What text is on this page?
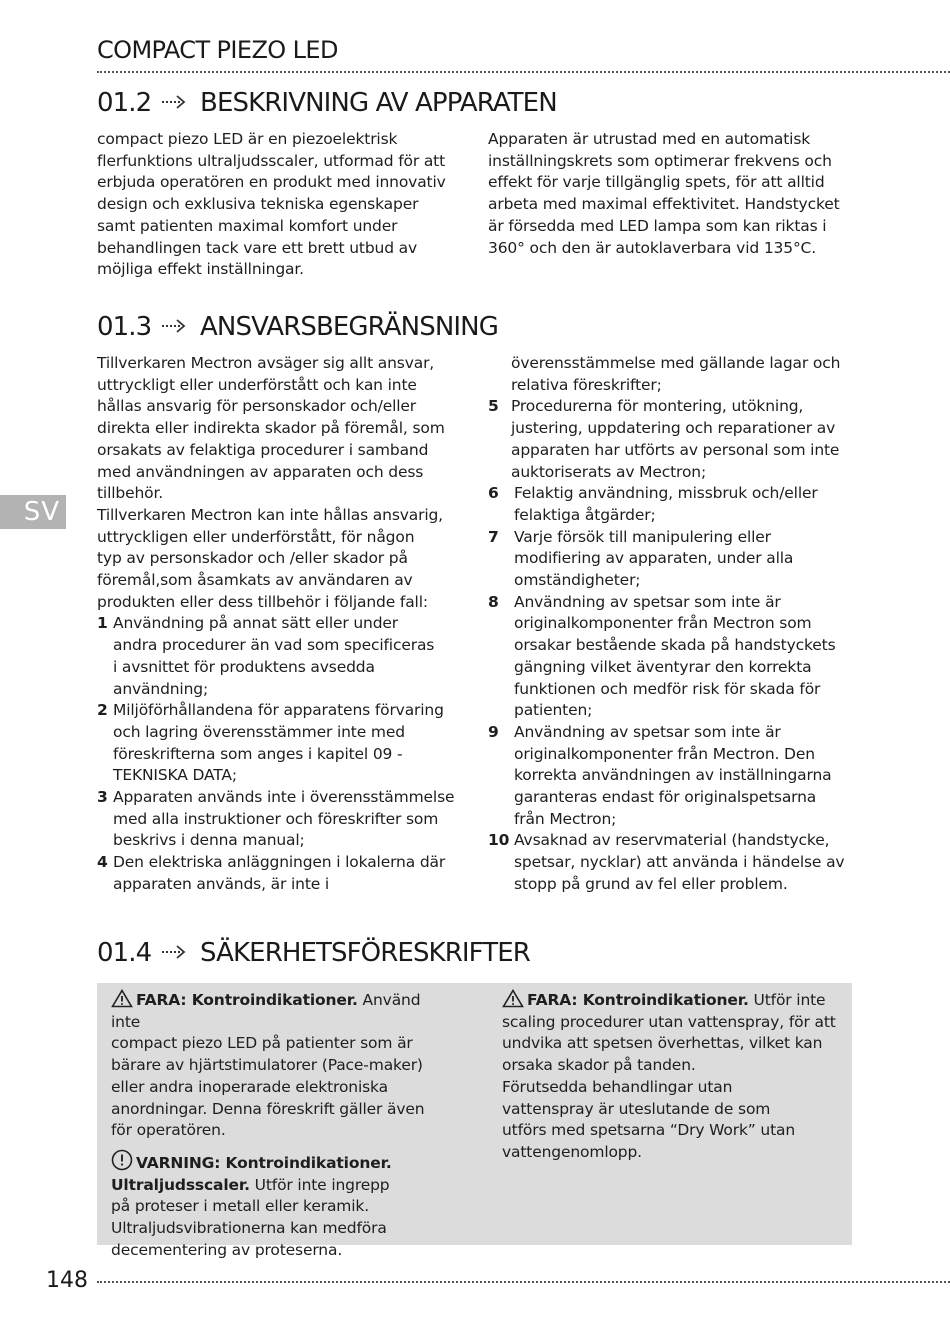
COMPACT PIEZO LED
SV
01.2 BESKRIVNING AV APPARATEN

compact piezo LED är en piezoelektrisk

flerfunktions ultraljudsscaler, utformad för att

erbjuda operatören en produkt med innovativ

design och exklusiva tekniska egenskaper

samt patienten maximal komfort under

behandlingen tack vare ett brett utbud av

möjliga effekt inställningar.

Apparaten är utrustad med en automatisk

inställningskrets som optimerar frekvens och

effekt för varje tillgänglig spets, för att alltid

arbeta med maximal effektivitet. Handstycket

är försedda med LED lampa som kan riktas i

360° och den är autoklaverbara vid 135°C.

01.3 ANSVARSBEGRÄNSNING

Tillverkaren Mectron avsäger sig allt ansvar,

uttryckligt eller underförstått och kan inte

hållas ansvarig för personskador och/eller

direkta eller indirekta skador på föremål, som

orsakats av felaktiga procedurer i samband

med användningen av apparaten och dess

tillbehör.

Tillverkaren Mectron kan inte hållas ansvarig,

uttryckligen eller underförstått, för någon

typ av personskador och /eller skador på

föremål,som åsamkats av användaren av

produkten eller dess tillbehör i följande fall:

1 Användning på annat sätt eller under

andra procedurer än vad som specificeras

i avsnittet för produktens avsedda

användning;

2 Miljöförhållandena för apparatens förvaring

och lagring överensstämmer inte med

föreskrifterna som anges i kapitel 09 -

TEKNISKA DATA;

3 Apparaten används inte i överensstämmelse

med alla instruktioner och föreskrifter som

beskrivs i denna manual;

4 Den elektriska anläggningen i lokalerna där

apparaten används, är inte i

överensstämmelse med gällande lagar och

relativa föreskrifter;

5 Procedurerna för montering, utökning,

justering, uppdatering och reparationer av

apparaten har utförts av personal som inte

auktoriserats av Mectron;

6 Felaktig användning, missbruk och/eller

felaktiga åtgärder;

7 Varje försök till manipulering eller

modifiering av apparaten, under alla

omständigheter;

8 Användning av spetsar som inte är

originalkomponenter från Mectron som

orsakar bestående skada på handstyckets

gängning vilket äventyrar den korrekta

funktionen och medför risk för skada för

patienten;

9 Användning av spetsar som inte är

originalkomponenter från Mectron. Den

korrekta användningen av inställningarna

garanteras endast för originalspetsarna

från Mectron;

10 Avsaknad av reservmaterial (handstycke,

spetsar, nycklar) att använda i händelse av

stopp på grund av fel eller problem.

01.4 SÄKERHETSFÖRESKRIFTER

FARA: Kontroindikationer. Använd inte

compact piezo LED på patienter som är

bärare av hjärtstimulatorer (Pace-maker)

eller andra inoperarade elektroniska

anordningar. Denna föreskrift gäller även

för operatören.

VARNING: Kontroindikationer.

Ultraljudsscaler. Utför inte ingrepp

på proteser i metall eller keramik.

Ultraljudsvibrationerna kan medföra

decementering av proteserna.

FARA: Kontroindikationer. Utför inte

scaling procedurer utan vattenspray, för att

undvika att spetsen överhettas, vilket kan

orsaka skador på tanden.

Förutsedda behandlingar utan

vattenspray är uteslutande de som

utförs med spetsarna “Dry Work” utan

vattengenomlopp.

148
